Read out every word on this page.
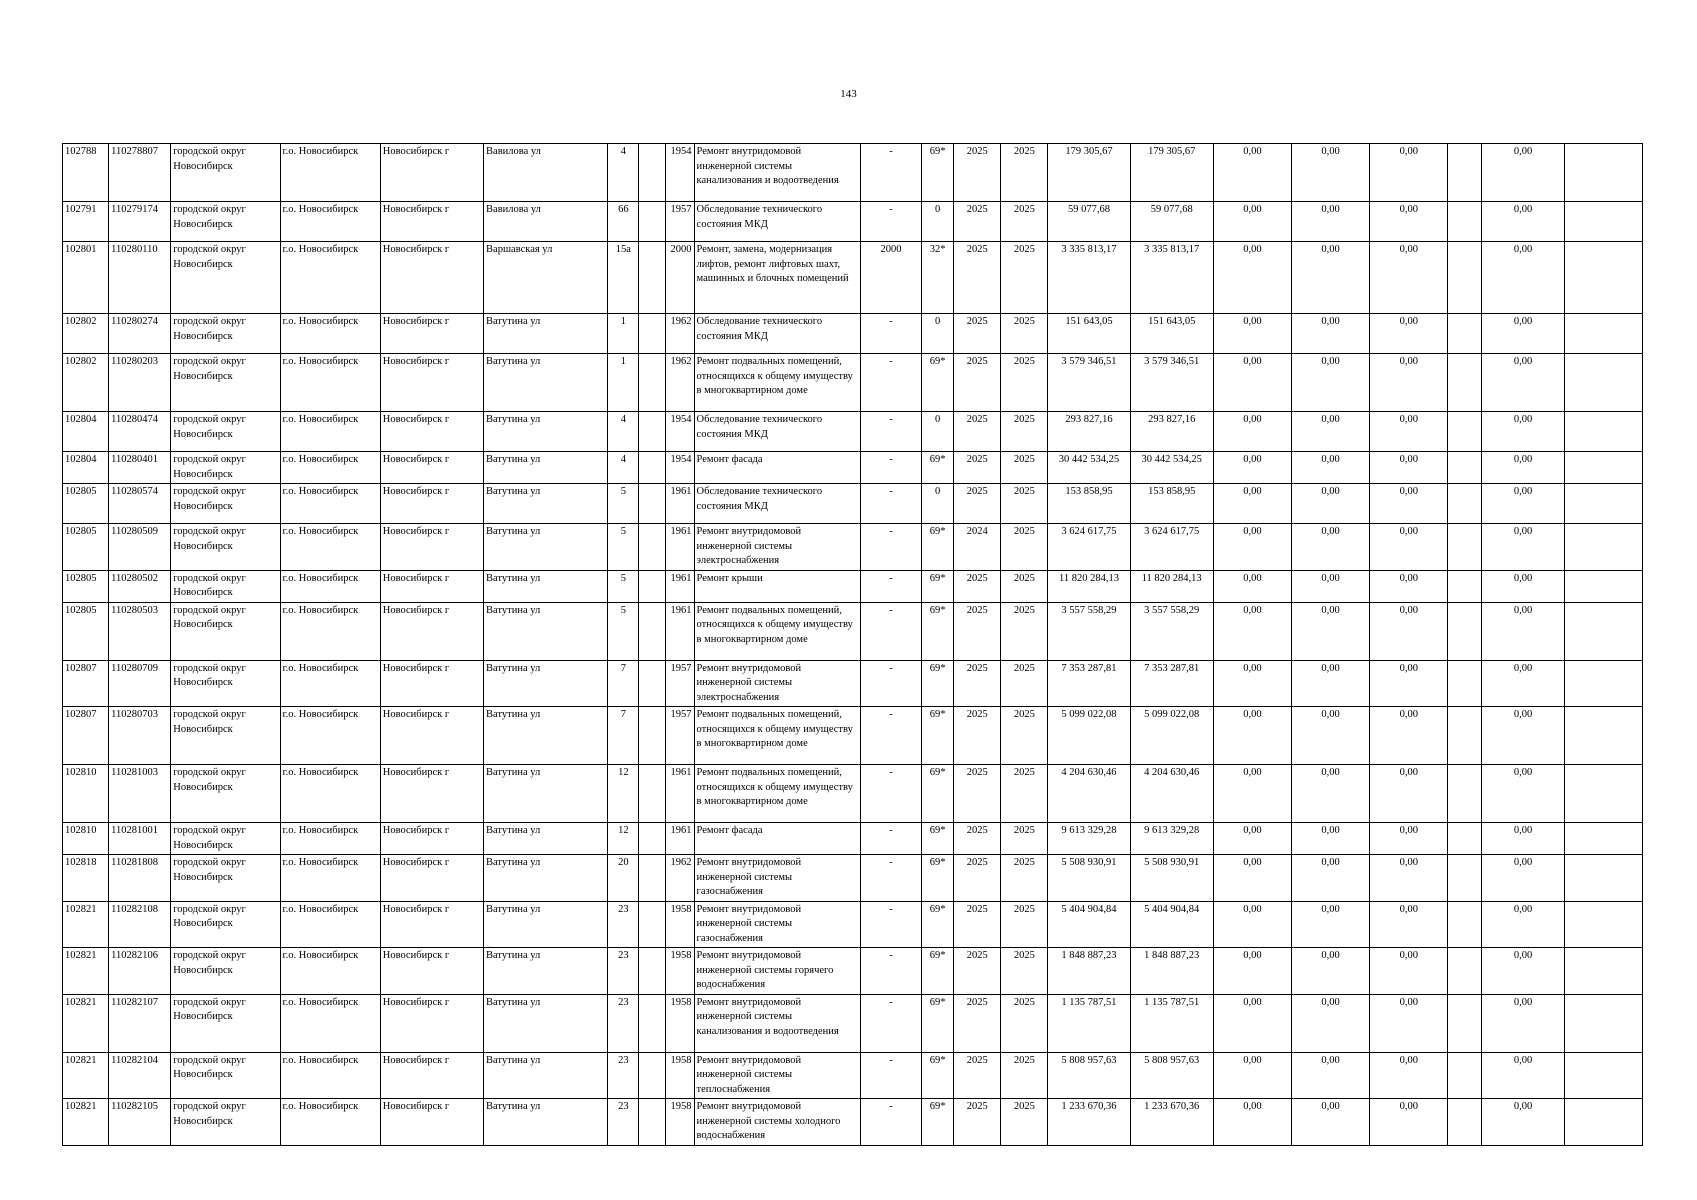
143
102788	110278807	городской округ Новосибирск	г.о. Новосибирск	Новосибирск г	Вавилова ул	4		1954	Ремонт внутридомовой инженерной системы канализования и водоотведения	-	69*	2025	2025	179 305,67	179 305,67	0,00	0,00	0,00		0,00	
102791	110279174	городской округ Новосибирск	г.о. Новосибирск	Новосибирск г	Вавилова ул	66		1957	Обследование технического состояния МКД	-	0	2025	2025	59 077,68	59 077,68	0,00	0,00	0,00		0,00	
102801	110280110	городской округ Новосибирск	г.о. Новосибирск	Новосибирск г	Варшавская ул	15а		2000	Ремонт, замена, модернизация лифтов, ремонт лифтовых шахт, машинных и блочных помещений	2000	32*	2025	2025	3 335 813,17	3 335 813,17	0,00	0,00	0,00		0,00	
102802	110280274	городской округ Новосибирск	г.о. Новосибирск	Новосибирск г	Ватутина ул	1		1962	Обследование технического состояния МКД	-	0	2025	2025	151 643,05	151 643,05	0,00	0,00	0,00		0,00	
102802	110280203	городской округ Новосибирск	г.о. Новосибирск	Новосибирск г	Ватутина ул	1		1962	Ремонт подвальных помещений, относящихся к общему имуществу в многоквартирном доме	-	69*	2025	2025	3 579 346,51	3 579 346,51	0,00	0,00	0,00		0,00	
102804	110280474	городской округ Новосибирск	г.о. Новосибирск	Новосибирск г	Ватутина ул	4		1954	Обследование технического состояния МКД	-	0	2025	2025	293 827,16	293 827,16	0,00	0,00	0,00		0,00	
102804	110280401	городской округ Новосибирск	г.о. Новосибирск	Новосибирск г	Ватутина ул	4		1954	Ремонт фасада	-	69*	2025	2025	30 442 534,25	30 442 534,25	0,00	0,00	0,00		0,00	
102805	110280574	городской округ Новосибирск	г.о. Новосибирск	Новосибирск г	Ватутина ул	5		1961	Обследование технического состояния МКД	-	0	2025	2025	153 858,95	153 858,95	0,00	0,00	0,00		0,00	
102805	110280509	городской округ Новосибирск	г.о. Новосибирск	Новосибирск г	Ватутина ул	5		1961	Ремонт внутридомовой инженерной системы электроснабжения	-	69*	2024	2025	3 624 617,75	3 624 617,75	0,00	0,00	0,00		0,00	
102805	110280502	городской округ Новосибирск	г.о. Новосибирск	Новосибирск г	Ватутина ул	5		1961	Ремонт крыши	-	69*	2025	2025	11 820 284,13	11 820 284,13	0,00	0,00	0,00		0,00	
102805	110280503	городской округ Новосибирск	г.о. Новосибирск	Новосибирск г	Ватутина ул	5		1961	Ремонт подвальных помещений, относящихся к общему имуществу в многоквартирном доме	-	69*	2025	2025	3 557 558,29	3 557 558,29	0,00	0,00	0,00		0,00	
102807	110280709	городской округ Новосибирск	г.о. Новосибирск	Новосибирск г	Ватутина ул	7		1957	Ремонт внутридомовой инженерной системы электроснабжения	-	69*	2025	2025	7 353 287,81	7 353 287,81	0,00	0,00	0,00		0,00	
102807	110280703	городской округ Новосибирск	г.о. Новосибирск	Новосибирск г	Ватутина ул	7		1957	Ремонт подвальных помещений, относящихся к общему имуществу в многоквартирном доме	-	69*	2025	2025	5 099 022,08	5 099 022,08	0,00	0,00	0,00		0,00	
102810	110281003	городской округ Новосибирск	г.о. Новосибирск	Новосибирск г	Ватутина ул	12		1961	Ремонт подвальных помещений, относящихся к общему имуществу в многоквартирном доме	-	69*	2025	2025	4 204 630,46	4 204 630,46	0,00	0,00	0,00		0,00	
102810	110281001	городской округ Новосибирск	г.о. Новосибирск	Новосибирск г	Ватутина ул	12		1961	Ремонт фасада	-	69*	2025	2025	9 613 329,28	9 613 329,28	0,00	0,00	0,00		0,00	
102818	110281808	городской округ Новосибирск	г.о. Новосибирск	Новосибирск г	Ватутина ул	20		1962	Ремонт внутридомовой инженерной системы газоснабжения	-	69*	2025	2025	5 508 930,91	5 508 930,91	0,00	0,00	0,00		0,00	
102821	110282108	городской округ Новосибирск	г.о. Новосибирск	Новосибирск г	Ватутина ул	23		1958	Ремонт внутридомовой инженерной системы газоснабжения	-	69*	2025	2025	5 404 904,84	5 404 904,84	0,00	0,00	0,00		0,00	
102821	110282106	городской округ Новосибирск	г.о. Новосибирск	Новосибирск г	Ватутина ул	23		1958	Ремонт внутридомовой инженерной системы горячего водоснабжения	-	69*	2025	2025	1 848 887,23	1 848 887,23	0,00	0,00	0,00		0,00	
102821	110282107	городской округ Новосибирск	г.о. Новосибирск	Новосибирск г	Ватутина ул	23		1958	Ремонт внутридомовой инженерной системы канализования и водоотведения	-	69*	2025	2025	1 135 787,51	1 135 787,51	0,00	0,00	0,00		0,00	
102821	110282104	городской округ Новосибирск	г.о. Новосибирск	Новосибирск г	Ватутина ул	23		1958	Ремонт внутридомовой инженерной системы теплоснабжения	-	69*	2025	2025	5 808 957,63	5 808 957,63	0,00	0,00	0,00		0,00	
102821	110282105	городской округ Новосибирск	г.о. Новосибирск	Новосибирск г	Ватутина ул	23		1958	Ремонт внутридомовой инженерной системы холодного водоснабжения	-	69*	2025	2025	1 233 670,36	1 233 670,36	0,00	0,00	0,00		0,00	
